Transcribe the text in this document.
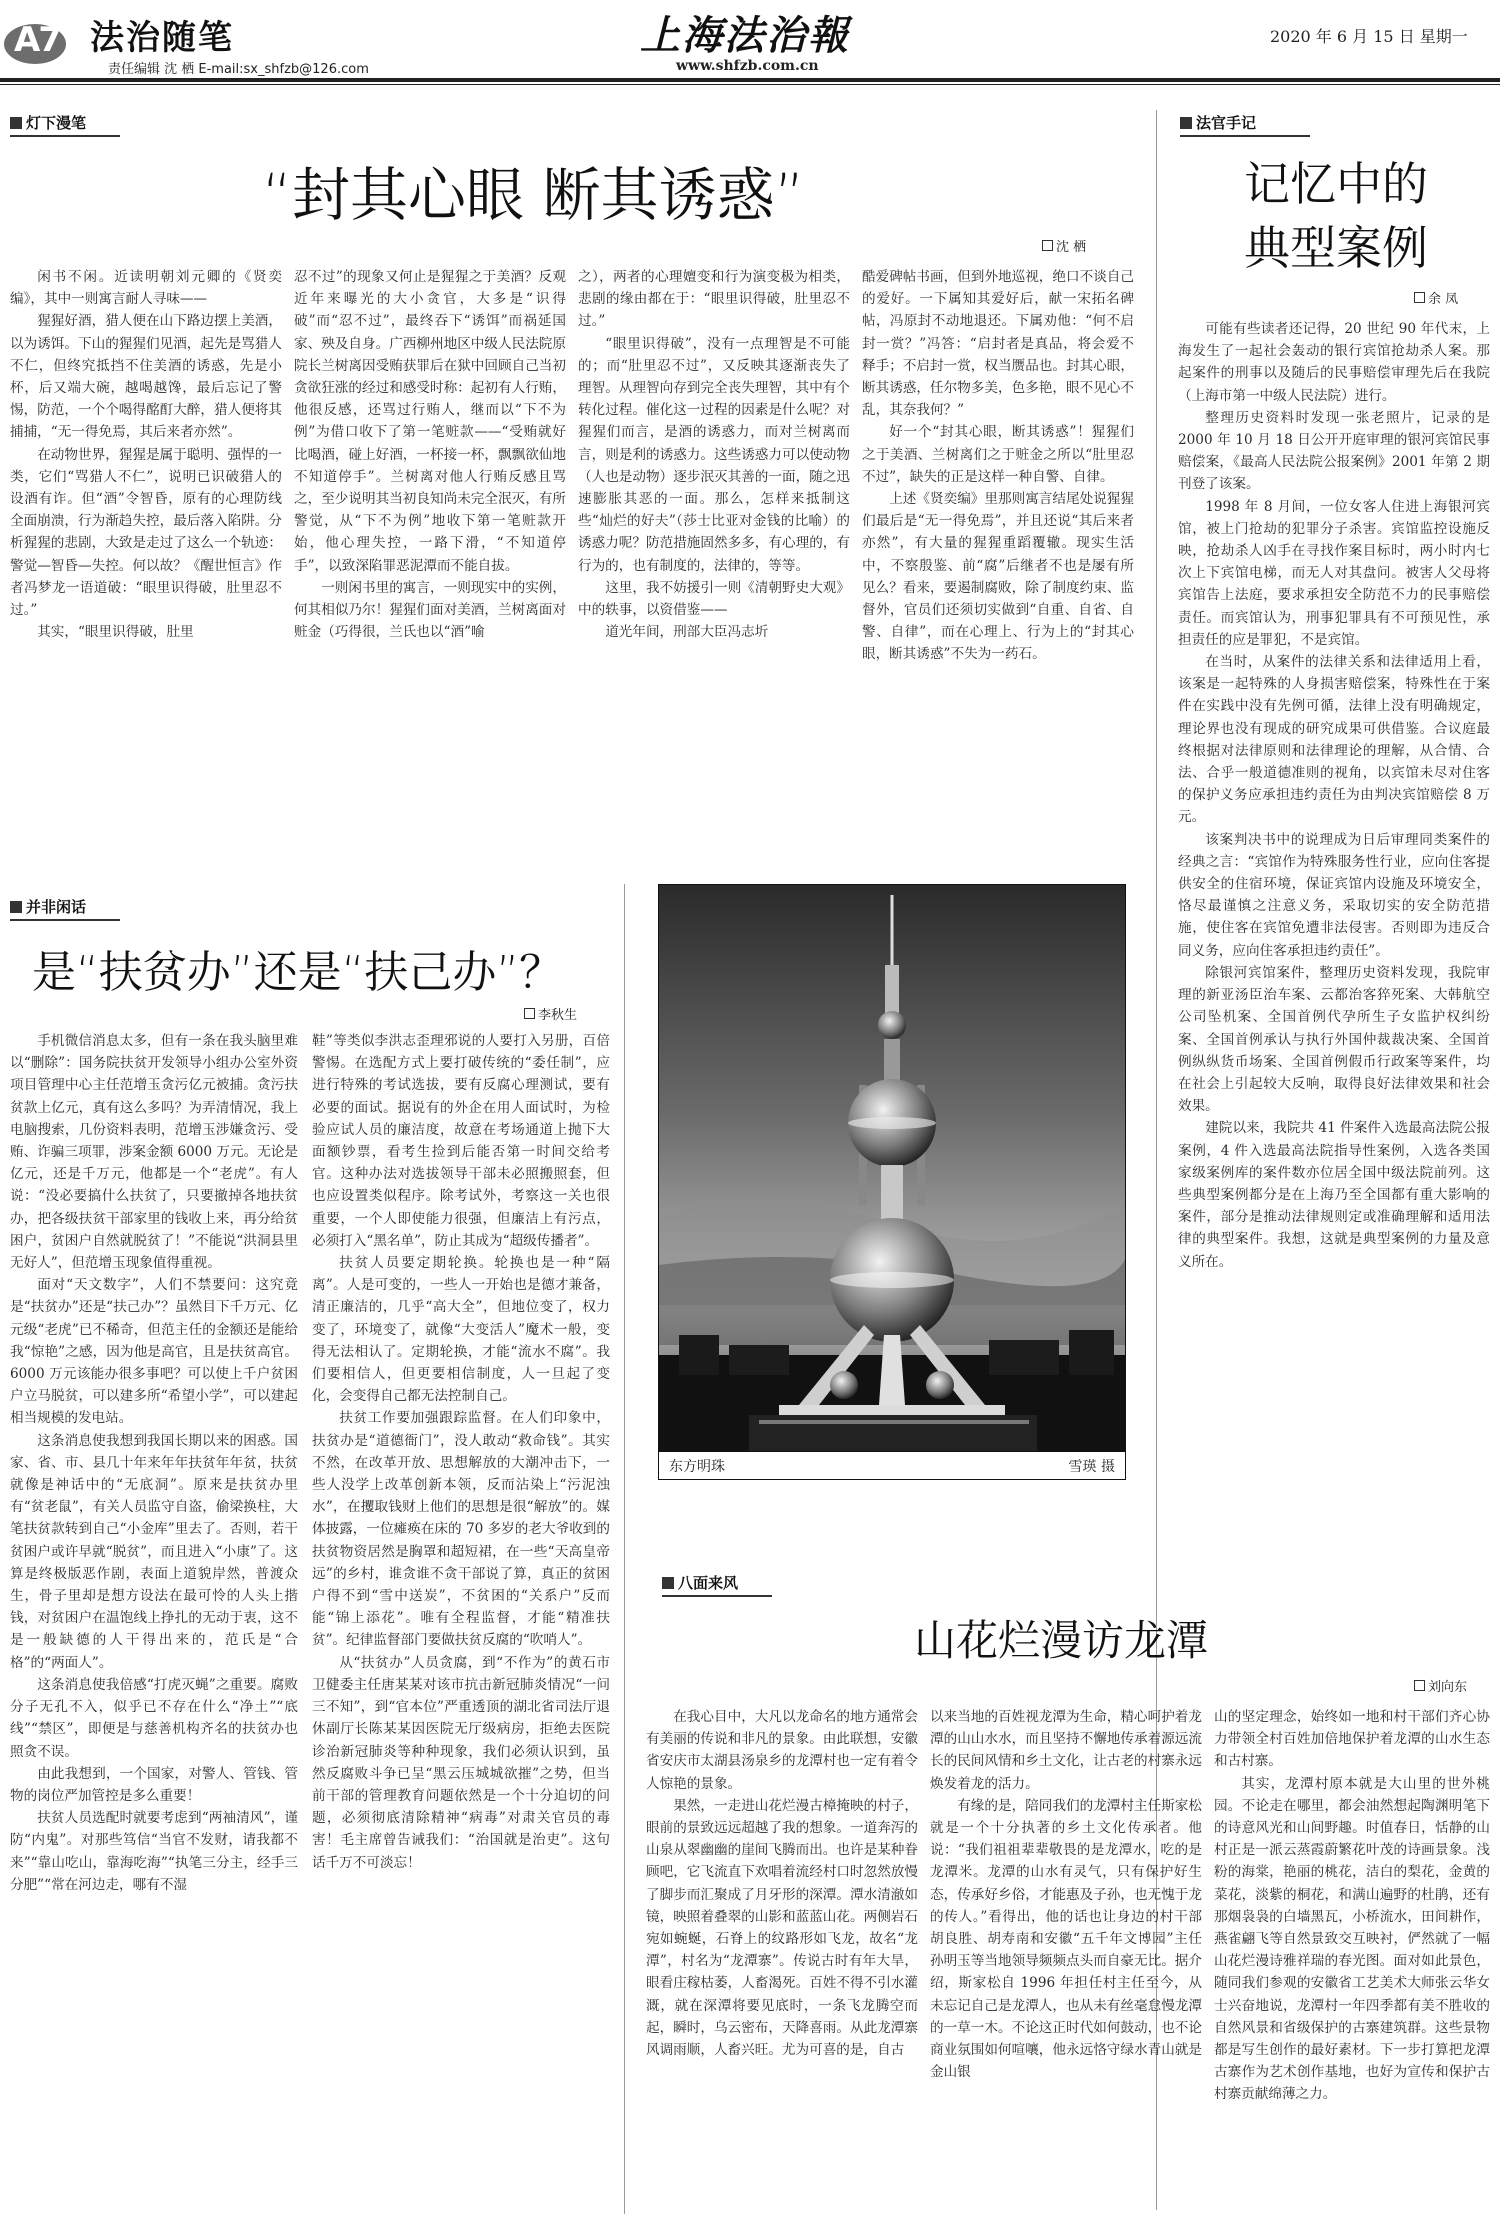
A7 法治随笔
责任编辑 沈 栖 E-mail:sx_shfzb@126.com
上海法治報
www.shfzb.com.cn
2020 年 6 月 15 日 星期一
灯下漫笔
“封其心眼 断其诱惑”
沈 栖

闲书不闲。近读明朝刘元卿的《贤奕编》，其中一则寓言耐人寻味——

猩猩好酒，猎人便在山下路边摆上美酒，以为诱饵。下山的猩猩们见酒，起先是骂猎人不仁，但终究抵挡不住美酒的诱惑，先是小杯，后又端大碗，越喝越馋，最后忘记了警惕，防范，一个个喝得酩酊大醉，猎人便将其捕捕，“无一得免焉，其后来者亦然”。

在动物世界，猩猩是属于聪明、强悍的一类，它们“骂猎人不仁”，说明已识破猎人的设酒有诈。但“酒”令智昏，原有的心理防线全面崩溃，行为渐趋失控，最后落入陷阱。分析猩猩的悲剧，大致是走过了这么一个轨迹：警觉—智昏—失控。何以故？《醒世恒言》作者冯梦龙一语道破：“眼里识得破，肚里忍不过。”

其实，“眼里识得破，肚里

忍不过”的现象又何止是猩猩之于美酒？反观近年来曝光的大小贪官，大多是“识得破”而“忍不过”，最终吞下“诱饵”而祸延国家、殃及自身。广西柳州地区中级人民法院原院长兰树离因受贿获罪后在狱中回顾自己当初贪欲狂涨的经过和感受时称：起初有人行贿，他很反感，还骂过行贿人，继而以“下不为例”为借口收下了第一笔赃款——“受贿就好比喝酒，碰上好酒，一杯接一杯，飘飘欲仙地不知道停手”。兰树离对他人行贿反感且骂之，至少说明其当初良知尚未完全泯灭，有所警觉，从“下不为例”地收下第一笔赃款开始，他心理失控，一路下滑，“不知道停手”，以致深陷罪恶泥潭而不能自拔。

一则闲书里的寓言，一则现实中的实例，何其相似乃尔！猩猩们面对美酒，兰树离面对赃金（巧得很，兰氏也以“酒”喻

之），两者的心理嬗变和行为演变极为相类，悲剧的缘由都在于：“眼里识得破，肚里忍不过。”

“眼里识得破”，没有一点理智是不可能的；而“肚里忍不过”，又反映其逐渐丧失了理智。从理智向存到完全丧失理智，其中有个转化过程。催化这一过程的因素是什么呢？对猩猩们而言，是酒的诱惑力，而对兰树离而言，则是利的诱惑力。这些诱惑力可以使动物（人也是动物）逐步泯灭其善的一面，随之迅速膨胀其恶的一面。那么，怎样来抵制这些“灿烂的好夫”（莎士比亚对金钱的比喻）的诱惑力呢？防范措施固然多多，有心理的，有行为的，也有制度的，法律的，等等。

这里，我不妨援引一则《清朝野史大观》中的轶事，以资借鉴——

道光年间，刑部大臣冯志圻

酷爱碑帖书画，但到外地巡视，绝口不谈自己的爱好。一下属知其爱好后，献一宋拓名碑帖，冯原封不动地退还。下属劝他：“何不启封一赏？”冯答：“启封者是真品，将会爱不释手；不启封一赏，权当赝品也。封其心眼，断其诱惑，任尔物多美，色多艳，眼不见心不乱，其奈我何？”

好一个“封其心眼，断其诱惑”！猩猩们之于美酒、兰树离们之于赃金之所以“肚里忍不过”，缺失的正是这样一种自警、自律。

上述《贤奕编》里那则寓言结尾处说猩猩们最后是“无一得免焉”，并且还说“其后来者亦然”，有大量的猩猩重蹈覆辙。现实生活中，不察殷鉴、前“腐”后继者不也是屡有所见么？看来，要遏制腐败，除了制度约束、监督外，官员们还须切实做到“自重、自省、自警、自律”，而在心理上、行为上的“封其心眼，断其诱惑”不失为一药石。

法官手记
记忆中的
典型案例
余 凤

可能有些读者还记得，20 世纪 90 年代末，上海发生了一起社会轰动的银行宾馆抢劫杀人案。那起案件的刑事以及随后的民事赔偿审理先后在我院（上海市第一中级人民法院）进行。

整理历史资料时发现一张老照片，记录的是 2000 年 10 月 18 日公开开庭审理的银河宾馆民事赔偿案，《最高人民法院公报案例》2001 年第 2 期刊登了该案。

1998 年 8 月间，一位女客人住进上海银河宾馆，被上门抢劫的犯罪分子杀害。宾馆监控设施反映，抢劫杀人凶手在寻找作案目标时，两小时内七次上下宾馆电梯，而无人对其盘问。被害人父母将宾馆告上法庭，要求承担安全防范不力的民事赔偿责任。而宾馆认为，刑事犯罪具有不可预见性，承担责任的应是罪犯，不是宾馆。

在当时，从案件的法律关系和法律适用上看，该案是一起特殊的人身损害赔偿案，特殊性在于案件在实践中没有先例可循，法律上没有明确规定，理论界也没有现成的研究成果可供借鉴。合议庭最终根据对法律原则和法律理论的理解，从合情、合法、合乎一般道德准则的视角，以宾馆未尽对住客的保护义务应承担违约责任为由判决宾馆赔偿 8 万元。

该案判决书中的说理成为日后审理同类案件的经典之言：“宾馆作为特殊服务性行业，应向住客提供安全的住宿环境，保证宾馆内设施及环境安全，恪尽最谨慎之注意义务，采取切实的安全防范措施，使住客在宾馆免遭非法侵害。否则即为违反合同义务，应向住客承担违约责任”。

除银河宾馆案件，整理历史资料发现，我院审理的新亚汤臣治车案、云都治客猝死案、大韩航空公司坠机案、全国首例代孕所生子女监护权纠纷案、全国首例承认与执行外国仲裁裁决案、全国首例纵纵货币场案、全国首例假币行政案等案件，均在社会上引起较大反响，取得良好法律效果和社会效果。

建院以来，我院共 41 件案件入选最高法院公报案例，4 件入选最高法院指导性案例，入选各类国家级案例库的案件数亦位居全国中级法院前列。这些典型案例都分是在上海乃至全国都有重大影响的案件，部分是推动法律规则定或准确理解和适用法律的典型案件。我想，这就是典型案例的力量及意义所在。

并非闲话
是“扶贫办”还是“扶己办”？
李秋生

手机微信消息太多，但有一条在我头脑里难以“删除”：国务院扶贫开发领导小组办公室外资项目管理中心主任范增玉贪污亿元被捕。贪污扶贫款上亿元，真有这么多吗？为弄清情况，我上电脑搜索，几份资料表明，范增玉涉嫌贪污、受贿、诈骗三项罪，涉案金额 6000 万元。无论是亿元，还是千万元，他都是一个“老虎”。有人说：“没必要搞什么扶贫了，只要撤掉各地扶贫办，把各级扶贫干部家里的钱收上来，再分给贫困户，贫困户自然就脱贫了！”不能说“洪洞县里无好人”，但范增玉现象值得重视。

面对“天文数字”，人们不禁要问：这究竟是“扶贫办”还是“扶己办”？虽然目下千万元、亿元级“老虎”已不稀奇，但范主任的金额还是能给我“惊艳”之感，因为他是高官，且是扶贫高官。6000 万元该能办很多事吧？可以使上千户贫困户立马脱贫，可以建多所“希望小学”，可以建起相当规模的发电站。

这条消息使我想到我国长期以来的困惑。国家、省、市、县几十年来年年扶贫年年贫，扶贫就像是神话中的“无底洞”。原来是扶贫办里有“贫老鼠”，有关人员监守自盗，偷梁换柱，大笔扶贫款转到自己“小金库”里去了。否则，若干贫困户或许早就“脱贫”，而且进入“小康”了。这算是终极版恶作剧，表面上道貌岸然，普渡众生，骨子里却是想方设法在最可怜的人头上揩钱，对贫困户在温饱线上挣扎的无动于衷，这不是一般缺德的人干得出来的，范氏是“合格”的“两面人”。

这条消息使我倍感“打虎灭蝇”之重要。腐败分子无孔不入，似乎已不存在什么“净土”“底线”“禁区”，即便是与慈善机构齐名的扶贫办也照贪不误。

由此我想到，一个国家，对警人、管钱、管物的岗位严加管控是多么重要！

扶贫人员选配时就要考虑到“两袖清风”，谨防“内鬼”。对那些笃信“当官不发财，请我都不来”“靠山吃山，靠海吃海”“执笔三分主，经手三分肥”“常在河边走，哪有不湿

鞋”等类似李洪志歪理邪说的人要打入另册，百倍警惕。在选配方式上要打破传统的“委任制”，应进行特殊的考试选拔，要有反腐心理测试，要有必要的面试。据说有的外企在用人面试时，为检验应试人员的廉洁度，故意在考场通道上抛下大面额钞票，看考生捡到后能否第一时间交给考官。这种办法对选拔领导干部未必照搬照套，但也应设置类似程序。除考试外，考察这一关也很重要，一个人即使能力很强，但廉洁上有污点，必须打入“黑名单”，防止其成为“超级传播者”。

扶贫人员要定期轮换。轮换也是一种“隔离”。人是可变的，一些人一开始也是德才兼备，清正廉洁的，几乎“高大全”，但地位变了，权力变了，环境变了，就像“大变活人”魔术一般，变得无法相认了。定期轮换，才能“流水不腐”。我们要相信人，但更要相信制度，人一旦起了变化，会变得自己都无法控制自己。

扶贫工作要加强跟踪监督。在人们印象中，扶贫办是“道德衙门”，没人敢动“救命钱”。其实不然，在改革开放、思想解放的大潮冲击下，一些人没学上改革创新本领，反而沾染上“污泥浊水”，在攫取钱财上他们的思想是很“解放”的。媒体披露，一位瘫痪在床的 70 多岁的老大爷收到的扶贫物资居然是胸罩和超短裙，在一些“天高皇帝远”的乡村，谁贪谁不贪干部说了算，真正的贫困户得不到“雪中送炭”，不贫困的“关系户”反而能“锦上添花”。唯有全程监督，才能“精准扶贫”。纪律监督部门要做扶贫反腐的“吹哨人”。

从“扶贫办”人员贪腐，到“不作为”的黄石市卫健委主任唐某某对该市抗击新冠肺炎情况“一问三不知”，到“官本位”严重透顶的湖北省司法厅退休副厅长陈某某因医院无厅级病房，拒绝去医院诊治新冠肺炎等种种现象，我们必须认识到，虽然反腐败斗争已呈“黑云压城城欲摧”之势，但当前干部的管理教育问题依然是一个十分迫切的问题，必须彻底清除精神“病毒”对肃关官员的毒害！毛主席曾告诫我们：“治国就是治吏”。这句话千万不可淡忘！

东方明珠	雪瑛 摄
八面来风
山花烂漫访龙潭
刘向东

在我心目中，大凡以龙命名的地方通常会有美丽的传说和非凡的景象。由此联想，安徽省安庆市太湖县汤泉乡的龙潭村也一定有着令人惊艳的景象。

果然，一走进山花烂漫古樟掩映的村子，眼前的景致远远超越了我的想象。一道奔泻的山泉从翠幽幽的崖间飞腾而出。也许是某种眷顾吧，它飞流直下欢唱着流经村口时忽然放慢了脚步而汇聚成了月牙形的深潭。潭水清澈如镜，映照着叠翠的山影和蓝蓝山花。两侧岩石宛如蜿蜒，石脊上的纹路形如飞龙，故名“龙潭”，村名为“龙潭寨”。传说古时有年大旱，眼看庄稼枯萎，人畜渴死。百姓不得不引水灌溉，就在深潭将要见底时，一条飞龙腾空而起，瞬时，乌云密布，天降喜雨。从此龙潭寨风调雨顺，人畜兴旺。尤为可喜的是，自古

以来当地的百姓视龙潭为生命，精心呵护着龙潭的山山水水，而且坚持不懈地传承着源远流长的民间风情和乡土文化，让古老的村寨永远焕发着龙的活力。

有缘的是，陪同我们的龙潭村主任斯家松就是一个十分执著的乡土文化传承者。他说：“我们祖祖辈辈敬畏的是龙潭水，吃的是龙潭米。龙潭的山水有灵气，只有保护好生态，传承好乡俗，才能惠及子孙，也无愧于龙的传人。”看得出，他的话也让身边的村干部胡良胜、胡寿南和安徽“五千年文博园”主任孙明玉等当地领导频频点头而自豪无比。据介绍，斯家松自 1996 年担任村主任至今，从未忘记自己是龙潭人，也从未有丝毫怠慢龙潭的一草一木。不论这正时代如何鼓动，也不论商业氛围如何喧嚷，他永远恪守绿水青山就是金山银

山的坚定理念，始终如一地和村干部们齐心协力带领全村百姓加倍地保护着龙潭的山水生态和古村寨。

其实，龙潭村原本就是大山里的世外桃园。不论走在哪里，都会油然想起陶渊明笔下的诗意风光和山间野趣。时值春日，恬静的山村正是一派云蒸霞蔚繁花叶茂的诗画景象。浅粉的海棠，艳丽的桃花，洁白的梨花，金黄的菜花，淡紫的桐花，和满山遍野的杜鹃，还有那烟袅袅的白墙黑瓦，小桥流水，田间耕作，燕雀翩飞等自然景致交互映衬，俨然就了一幅山花烂漫诗雅祥瑞的春光图。面对如此景色，随同我们参观的安徽省工艺美术大师张云华女士兴奋地说，龙潭村一年四季都有美不胜收的自然风景和省级保护的古寨建筑群。这些景物都是写生创作的最好素材。下一步打算把龙潭古寨作为艺术创作基地，也好为宣传和保护古村寨贡献绵薄之力。
